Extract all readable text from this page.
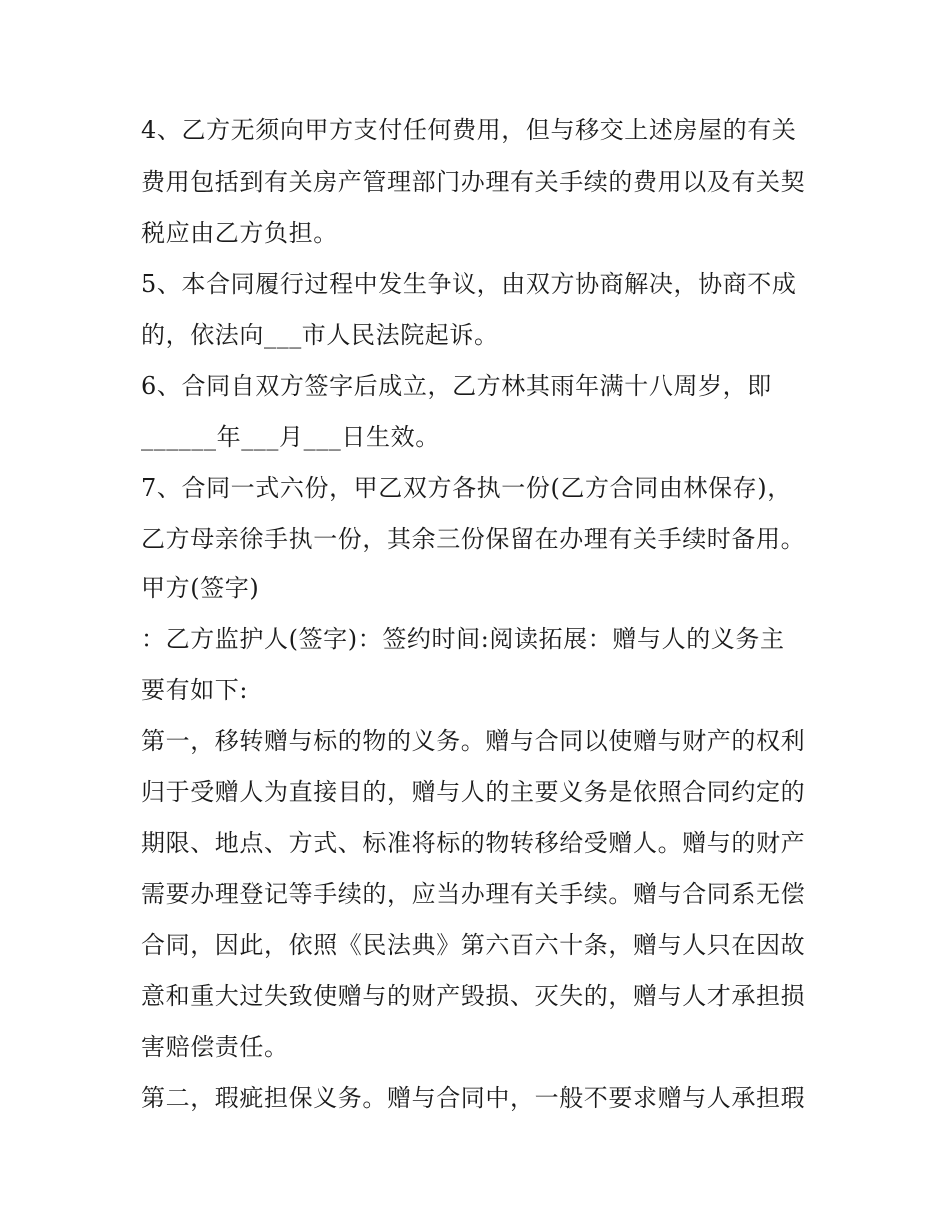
4、乙方无须向甲方支付任何费用，但与移交上述房屋的有关
费用包括到有关房产管理部门办理有关手续的费用以及有关契
税应由乙方负担。
5、本合同履行过程中发生争议，由双方协商解决，协商不成
的，依法向___市人民法院起诉。
6、合同自双方签字后成立，乙方林其雨年满十八周岁，即
______年___月___日生效。
7、合同一式六份，甲乙双方各执一份(乙方合同由林保存)，
乙方母亲徐手执一份，其余三份保留在办理有关手续时备用。
甲方(签字)
：乙方监护人(签字)：签约时间:阅读拓展：赠与人的义务主
要有如下:
第一，移转赠与标的物的义务。赠与合同以使赠与财产的权利
归于受赠人为直接目的，赠与人的主要义务是依照合同约定的
期限、地点、方式、标准将标的物转移给受赠人。赠与的财产
需要办理登记等手续的，应当办理有关手续。赠与合同系无偿
合同，因此，依照《民法典》第六百六十条，赠与人只在因故
意和重大过失致使赠与的财产毁损、灭失的，赠与人才承担损
害赔偿责任。
第二，瑕疵担保义务。赠与合同中，一般不要求赠与人承担瑕
